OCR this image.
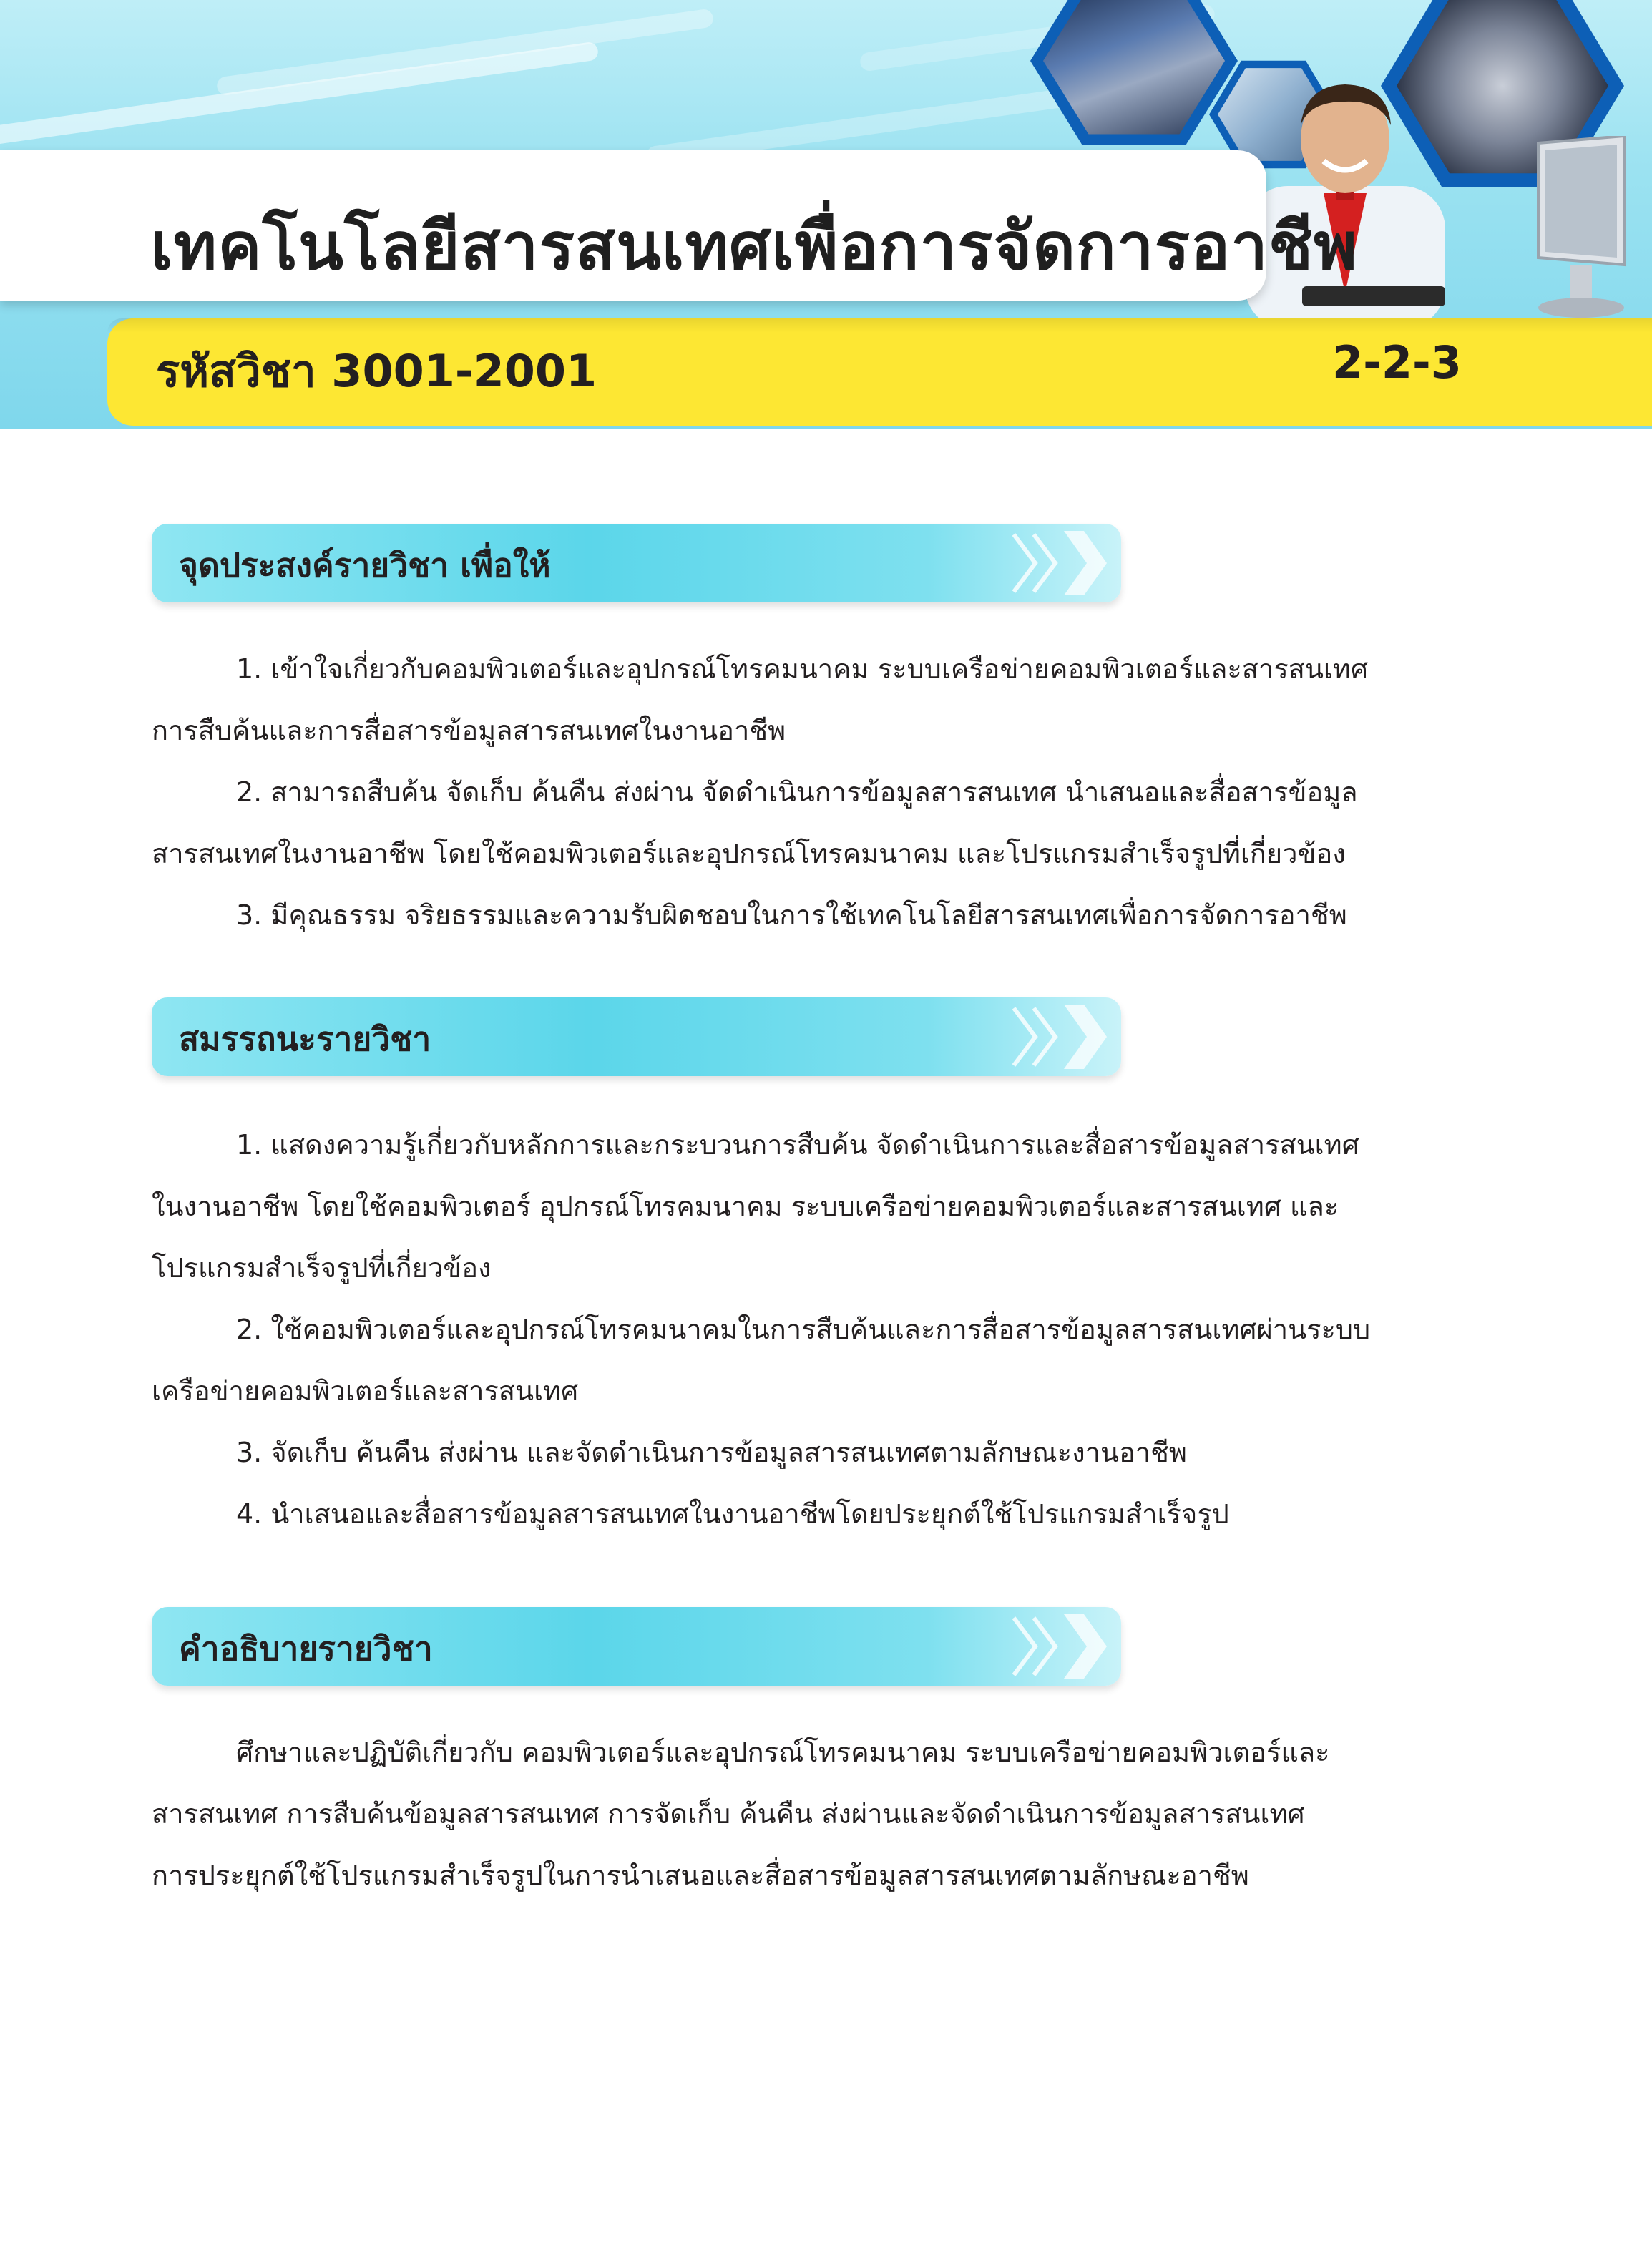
เทคโนโลยีสารสนเทศเพื่อการจัดการอาชีพ
รหัสวิชา 3001-2001	2-2-3
จุดประสงค์รายวิชา เพื่อให้

1. เข้าใจเกี่ยวกับคอมพิวเตอร์และอุปกรณ์โทรคมนาคม ระบบเครือข่ายคอมพิวเตอร์และสารสนเทศ
การสืบค้นและการสื่อสารข้อมูลสารสนเทศในงานอาชีพ

2. สามารถสืบค้น จัดเก็บ ค้นคืน ส่งผ่าน จัดดำเนินการข้อมูลสารสนเทศ นำเสนอและสื่อสารข้อมูล
สารสนเทศในงานอาชีพ โดยใช้คอมพิวเตอร์และอุปกรณ์โทรคมนาคม และโปรแกรมสำเร็จรูปที่เกี่ยวข้อง

3. มีคุณธรรม จริยธรรมและความรับผิดชอบในการใช้เทคโนโลยีสารสนเทศเพื่อการจัดการอาชีพ

สมรรถนะรายวิชา

1. แสดงความรู้เกี่ยวกับหลักการและกระบวนการสืบค้น จัดดำเนินการและสื่อสารข้อมูลสารสนเทศ
ในงานอาชีพ โดยใช้คอมพิวเตอร์ อุปกรณ์โทรคมนาคม ระบบเครือข่ายคอมพิวเตอร์และสารสนเทศ และ
โปรแกรมสำเร็จรูปที่เกี่ยวข้อง

2. ใช้คอมพิวเตอร์และอุปกรณ์โทรคมนาคมในการสืบค้นและการสื่อสารข้อมูลสารสนเทศผ่านระบบ
เครือข่ายคอมพิวเตอร์และสารสนเทศ

3. จัดเก็บ ค้นคืน ส่งผ่าน และจัดดำเนินการข้อมูลสารสนเทศตามลักษณะงานอาชีพ

4. นำเสนอและสื่อสารข้อมูลสารสนเทศในงานอาชีพโดยประยุกต์ใช้โปรแกรมสำเร็จรูป

คำอธิบายรายวิชา

ศึกษาและปฏิบัติเกี่ยวกับ คอมพิวเตอร์และอุปกรณ์โทรคมนาคม ระบบเครือข่ายคอมพิวเตอร์และ
สารสนเทศ การสืบค้นข้อมูลสารสนเทศ การจัดเก็บ ค้นคืน ส่งผ่านและจัดดำเนินการข้อมูลสารสนเทศ
การประยุกต์ใช้โปรแกรมสำเร็จรูปในการนำเสนอและสื่อสารข้อมูลสารสนเทศตามลักษณะอาชีพ
